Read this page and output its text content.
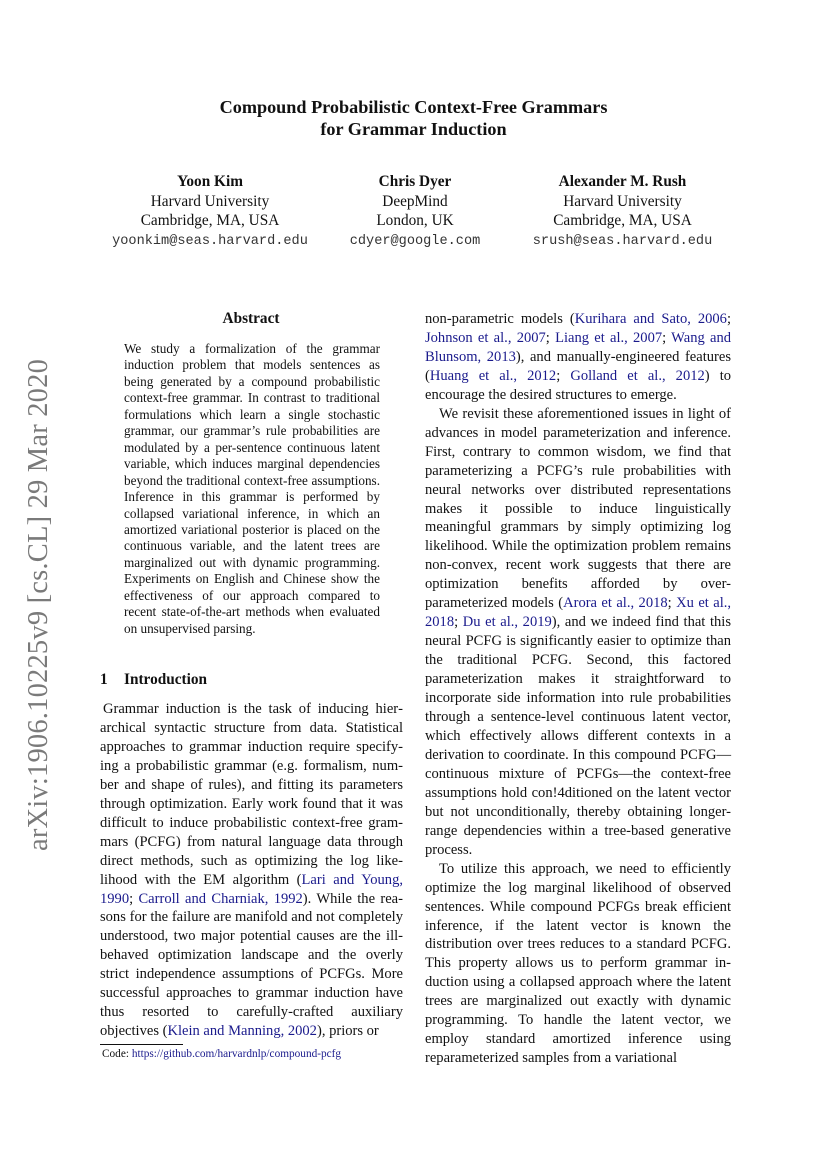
arXiv:1906.10225v9 [cs.CL] 29 Mar 2020
Compound Probabilistic Context-Free Grammars
for Grammar Induction
Yoon Kim
Harvard University
Cambridge, MA, USA
yoonkim@seas.harvard.edu
Chris Dyer
DeepMind
London, UK
cdyer@google.com
Alexander M. Rush
Harvard University
Cambridge, MA, USA
srush@seas.harvard.edu
Abstract
We study a formalization of the grammar induction problem that models sentences as being generated by a compound probabilistic context-free grammar. In contrast to traditional formulations which learn a single stochastic grammar, our grammar’s rule probabilities are modulated by a per-sentence continuous latent variable, which induces marginal dependencies beyond the traditional context-free assumptions. Inference in this grammar is performed by collapsed variational inference, in which an amortized variational posterior is placed on the continuous variable, and the latent trees are marginalized out with dynamic programming. Experiments on English and Chinese show the effectiveness of our approach compared to recent state-of-the-art methods when evaluated on unsupervised parsing.
1 Introduction

Grammar induction is the task of inducing hierarchical syntactic structure from data. Statistical approaches to grammar induction require specifying a probabilistic grammar (e.g. formalism, number and shape of rules), and fitting its parameters through optimization. Early work found that it was difficult to induce probabilistic context-free grammars (PCFG) from natural language data through direct methods, such as optimizing the log likelihood with the EM algorithm (Lari and Young, 1990; Carroll and Charniak, 1992). While the reasons for the failure are manifold and not completely understood, two major potential causes are the ill-behaved optimization landscape and the overly strict independence assumptions of PCFGs. More successful approaches to grammar induction have thus resorted to carefully-crafted auxiliary objectives (Klein and Manning, 2002), priors or

non-parametric models (Kurihara and Sato, 2006; Johnson et al., 2007; Liang et al., 2007; Wang and Blunsom, 2013), and manually-engineered features (Huang et al., 2012; Golland et al., 2012) to encourage the desired structures to emerge.

We revisit these aforementioned issues in light of advances in model parameterization and inference. First, contrary to common wisdom, we find that parameterizing a PCFG’s rule probabilities with neural networks over distributed representations makes it possible to induce linguistically meaningful grammars by simply optimizing log likelihood. While the optimization problem remains non-convex, recent work suggests that there are optimization benefits afforded by over-parameterized models (Arora et al., 2018; Xu et al., 2018; Du et al., 2019), and we indeed find that this neural PCFG is significantly easier to optimize than the traditional PCFG. Second, this factored parameterization makes it straightforward to incorporate side information into rule probabilities through a sentence-level continuous latent vector, which effectively allows different contexts in a derivation to coordinate. In this compound PCFG—continuous mixture of PCFGs—the context-free assumptions hold con!4ditioned on the latent vector but not unconditionally, thereby obtaining longer-range dependencies within a tree-based generative process.

To utilize this approach, we need to efficiently optimize the log marginal likelihood of observed sentences. While compound PCFGs break efficient inference, if the latent vector is known the distribution over trees reduces to a standard PCFG. This property allows us to perform grammar induction using a collapsed approach where the latent trees are marginalized out exactly with dynamic programming. To handle the latent vector, we employ standard amortized inference using reparameterized samples from a variational

Code: https://github.com/harvardnlp/compound-pcfg
